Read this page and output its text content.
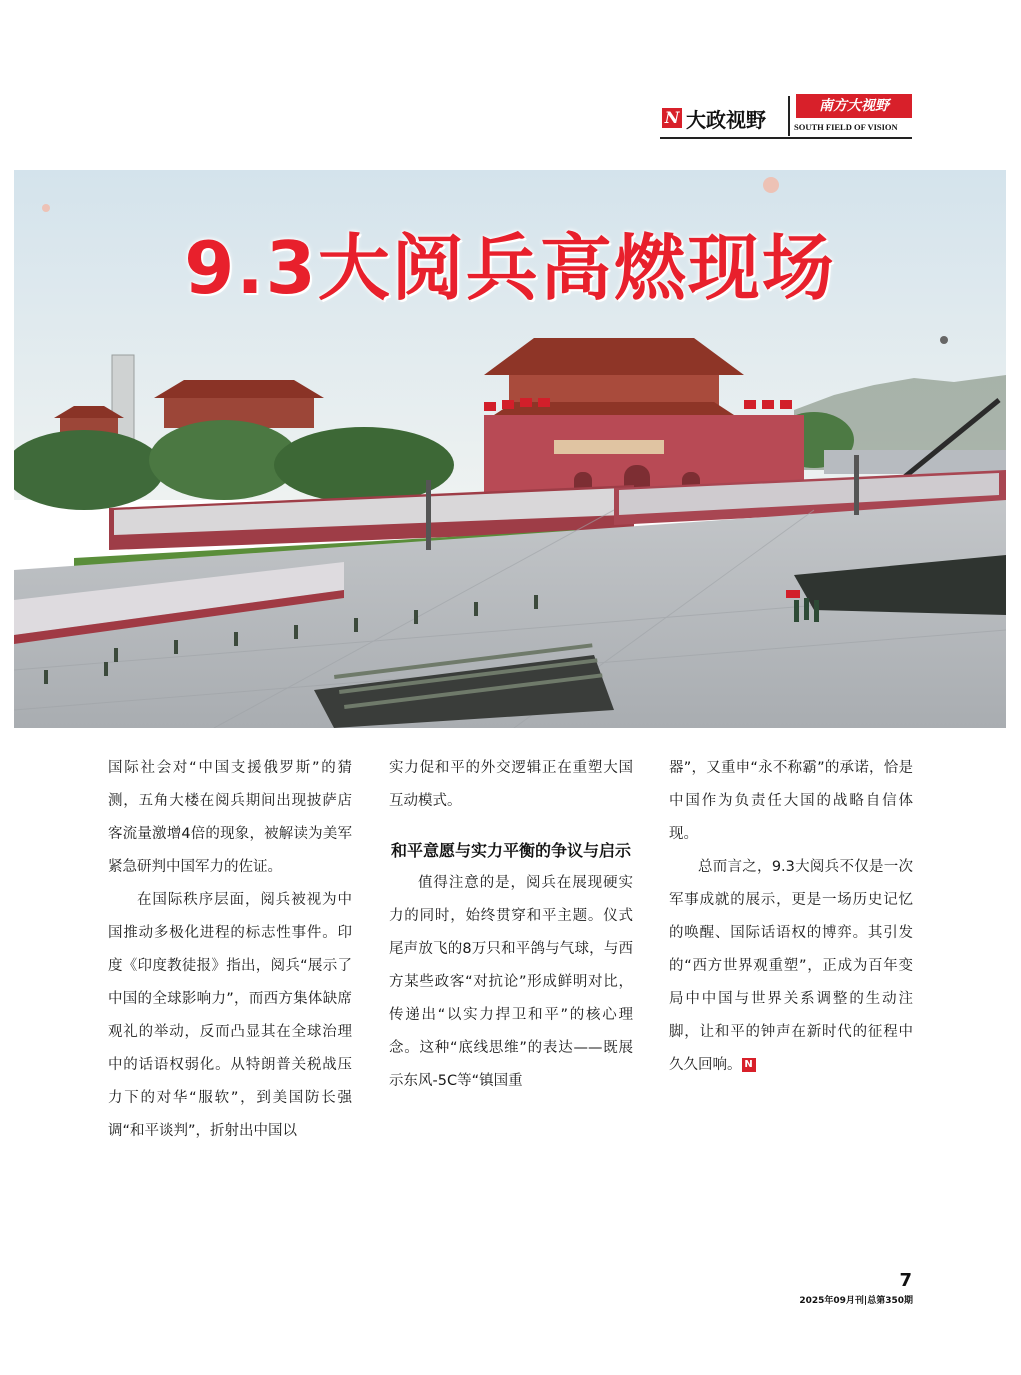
N 大政视野
南方大视野
SOUTH FIELD OF VISION
9.3大阅兵高燃现场

国际社会对“中国支援俄罗斯”的猜测，五角大楼在阅兵期间出现披萨店客流量激增4倍的现象，被解读为美军紧急研判中国军力的佐证。

在国际秩序层面，阅兵被视为中国推动多极化进程的标志性事件。印度《印度教徒报》指出，阅兵“展示了中国的全球影响力”，而西方集体缺席观礼的举动，反而凸显其在全球治理中的话语权弱化。从特朗普关税战压力下的对华“服软”，到美国防长强调“和平谈判”，折射出中国以

实力促和平的外交逻辑正在重塑大国互动模式。

和平意愿与实力平衡的争议与启示

值得注意的是，阅兵在展现硬实力的同时，始终贯穿和平主题。仪式尾声放飞的8万只和平鸽与气球，与西方某些政客“对抗论”形成鲜明对比，传递出“以实力捍卫和平”的核心理念。这种“底线思维”的表达——既展示东风-5C等“镇国重

器”，又重申“永不称霸”的承诺，恰是中国作为负责任大国的战略自信体现。

总而言之，9.3大阅兵不仅是一次军事成就的展示，更是一场历史记忆的唤醒、国际话语权的博弈。其引发的“西方世界观重塑”，正成为百年变局中中国与世界关系调整的生动注脚，让和平的钟声在新时代的征程中久久回响。 N

7
2025年09月刊|总第350期
